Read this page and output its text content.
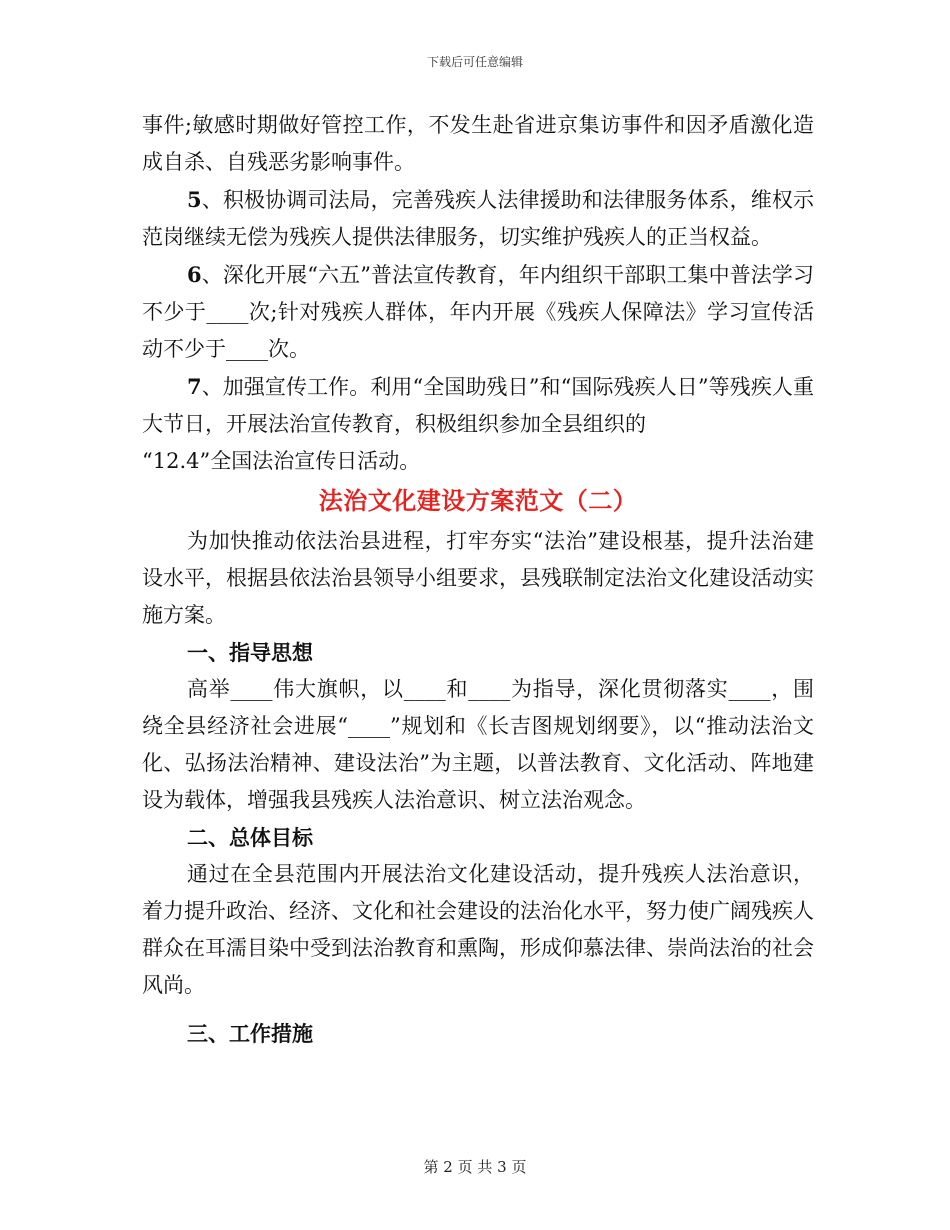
下载后可任意编辑

事件;敏感时期做好管控工作，不发生赴省进京集访事件和因矛盾激化造成自杀、自残恶劣影响事件。

5、积极协调司法局，完善残疾人法律援助和法律服务体系，维权示范岗继续无偿为残疾人提供法律服务，切实维护残疾人的正当权益。

6、深化开展“六五”普法宣传教育，年内组织干部职工集中普法学习不少于____次;针对残疾人群体，年内开展《残疾人保障法》学习宣传活动不少于____次。

7、加强宣传工作。利用“全国助残日”和“国际残疾人日”等残疾人重大节日，开展法治宣传教育，积极组织参加全县组织的

“12.4”全国法治宣传日活动。

法治文化建设方案范文（二）

为加快推动依法治县进程，打牢夯实“法治”建设根基，提升法治建设水平，根据县依法治县领导小组要求，县残联制定法治文化建设活动实施方案。

一、指导思想

高举____伟大旗帜，以____和____为指导，深化贯彻落实____，围绕全县经济社会进展“____”规划和《长吉图规划纲要》，以“推动法治文化、弘扬法治精神、建设法治”为主题，以普法教育、文化活动、阵地建设为载体，增强我县残疾人法治意识、树立法治观念。

二、总体目标

通过在全县范围内开展法治文化建设活动，提升残疾人法治意识，着力提升政治、经济、文化和社会建设的法治化水平，努力使广阔残疾人群众在耳濡目染中受到法治教育和熏陶，形成仰慕法律、崇尚法治的社会风尚。

三、工作措施

第 2 页 共 3 页
